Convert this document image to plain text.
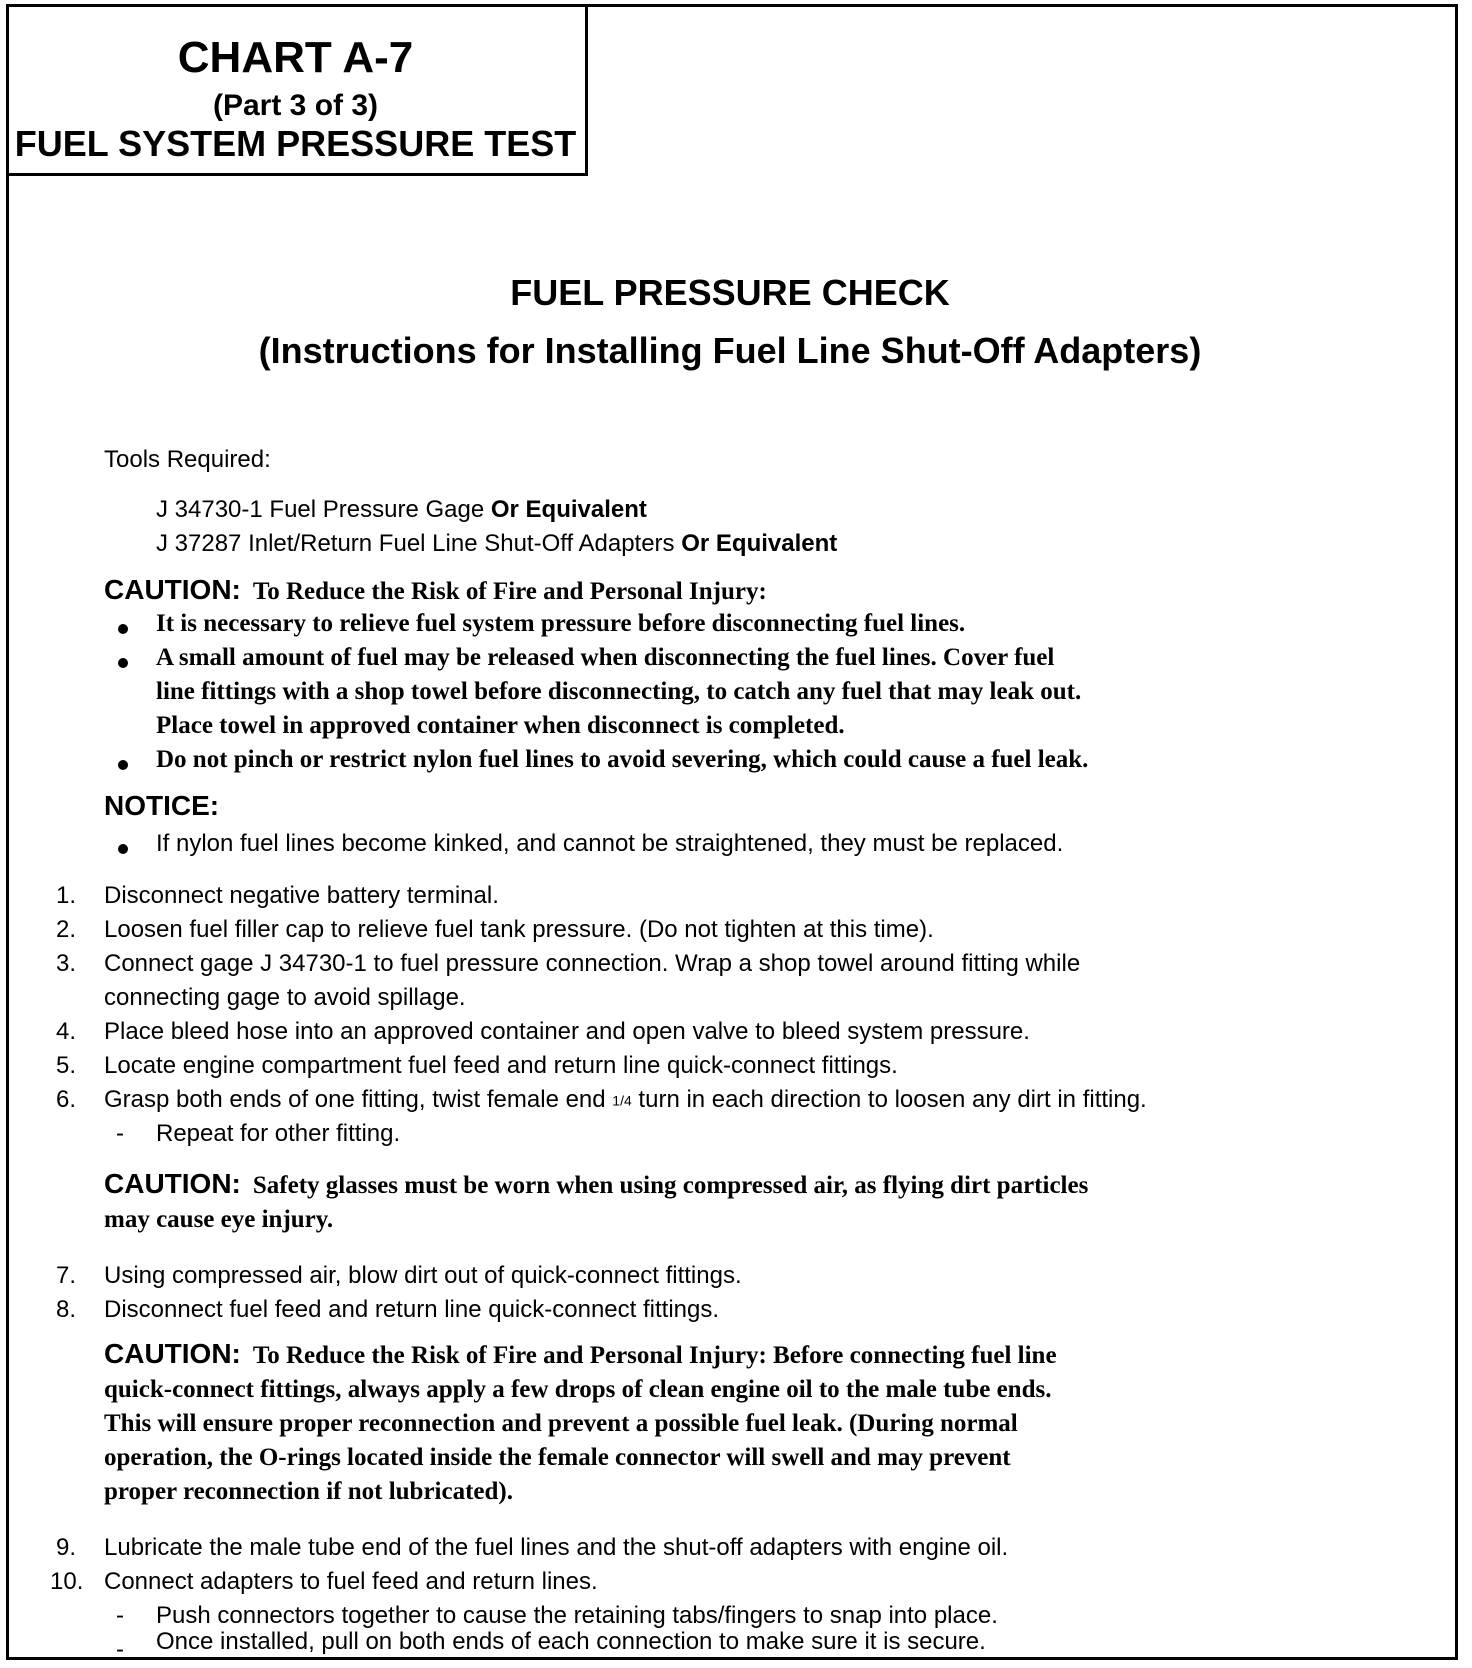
CHART A-7
(Part 3 of 3)
FUEL SYSTEM PRESSURE TEST
FUEL PRESSURE CHECK
(Instructions for Installing Fuel Line Shut-Off Adapters)
Tools Required:
J 34730-1 Fuel Pressure Gage Or Equivalent
J 37287 Inlet/Return Fuel Line Shut-Off Adapters Or Equivalent
CAUTION: To Reduce the Risk of Fire and Personal Injury:
It is necessary to relieve fuel system pressure before disconnecting fuel lines.
A small amount of fuel may be released when disconnecting the fuel lines. Cover fuel
line fittings with a shop towel before disconnecting, to catch any fuel that may leak out.
Place towel in approved container when disconnect is completed.
Do not pinch or restrict nylon fuel lines to avoid severing, which could cause a fuel leak.
NOTICE:
If nylon fuel lines become kinked, and cannot be straightened, they must be replaced.
1. Disconnect negative battery terminal.
2. Loosen fuel filler cap to relieve fuel tank pressure. (Do not tighten at this time).
3. Connect gage J 34730-1 to fuel pressure connection. Wrap a shop towel around fitting while
connecting gage to avoid spillage.
4. Place bleed hose into an approved container and open valve to bleed system pressure.
5. Locate engine compartment fuel feed and return line quick-connect fittings.
6. Grasp both ends of one fitting, twist female end 1/4 turn in each direction to loosen any dirt in fitting.
- Repeat for other fitting.
CAUTION: Safety glasses must be worn when using compressed air, as flying dirt particles
may cause eye injury.
7. Using compressed air, blow dirt out of quick-connect fittings.
8. Disconnect fuel feed and return line quick-connect fittings.
CAUTION: To Reduce the Risk of Fire and Personal Injury: Before connecting fuel line
quick-connect fittings, always apply a few drops of clean engine oil to the male tube ends.
This will ensure proper reconnection and prevent a possible fuel leak. (During normal
operation, the O-rings located inside the female connector will swell and may prevent
proper reconnection if not lubricated).
9. Lubricate the male tube end of the fuel lines and the shut-off adapters with engine oil.
10. Connect adapters to fuel feed and return lines.
- Push connectors together to cause the retaining tabs/fingers to snap into place.
- Once installed, pull on both ends of each connection to make sure it is secure.
